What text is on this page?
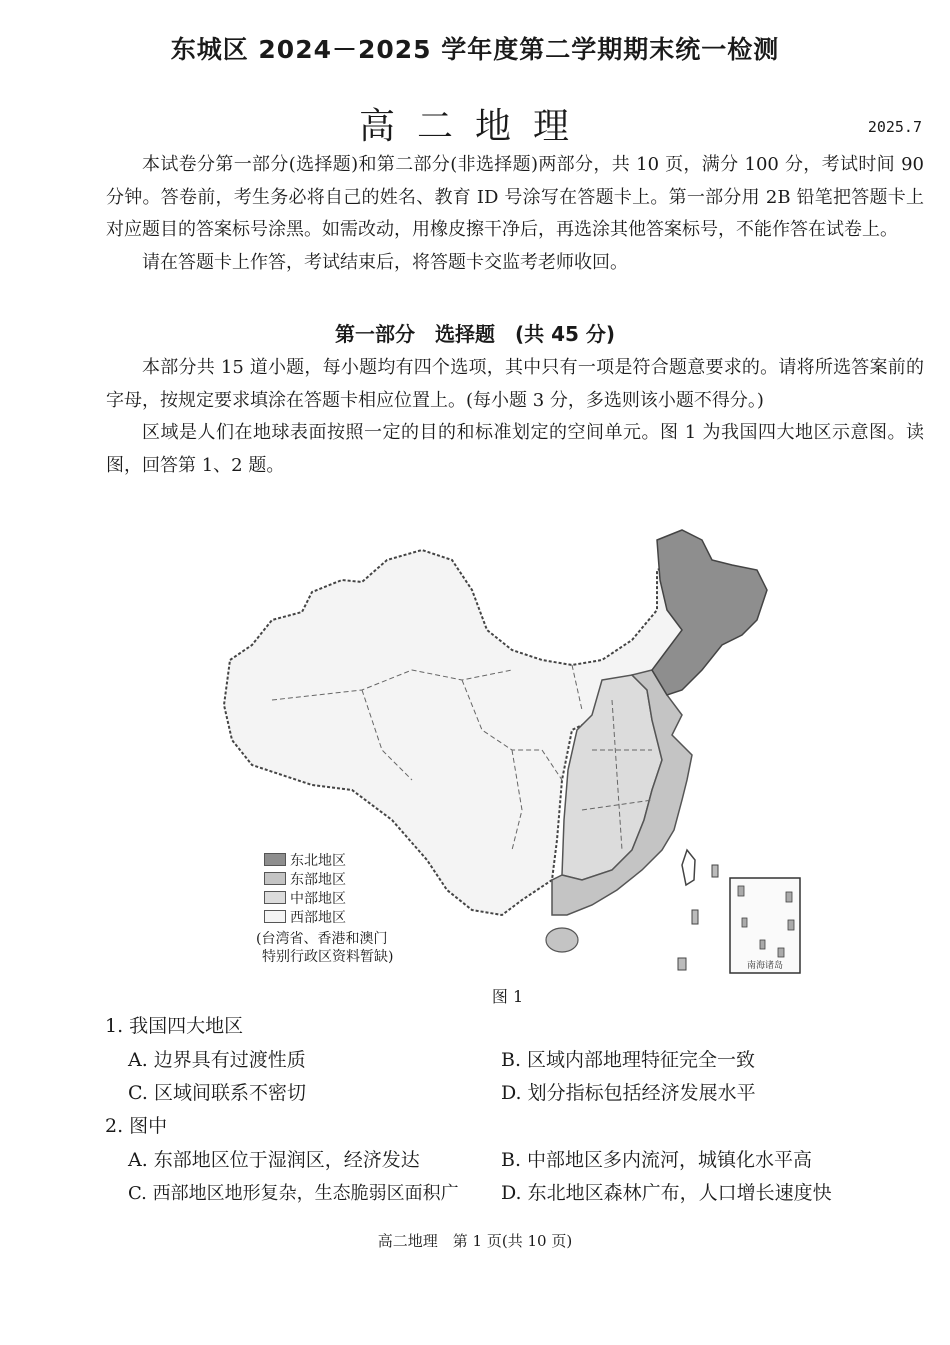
东城区 2024－2025 学年度第二学期期末统一检测
高二地理	2025.7

本试卷分第一部分(选择题)和第二部分(非选择题)两部分，共 10 页，满分 100 分，考试时间 90 分钟。答卷前，考生务必将自己的姓名、教育 ID 号涂写在答题卡上。第一部分用 2B 铅笔把答题卡上对应题目的答案标号涂黑。如需改动，用橡皮擦干净后，再选涂其他答案标号，不能作答在试卷上。

请在答题卡上作答，考试结束后，将答题卡交监考老师收回。

第一部分　选择题　(共 45 分)

本部分共 15 道小题，每小题均有四个选项，其中只有一项是符合题意要求的。请将所选答案前的字母，按规定要求填涂在答题卡相应位置上。(每小题 3 分，多选则该小题不得分。)

区域是人们在地球表面按照一定的目的和标准划定的空间单元。图 1 为我国四大地区示意图。读图，回答第 1、2 题。

南海诸岛
东北地区
东部地区
中部地区
西部地区
(台湾省、香港和澳门
特别行政区资料暂缺)
图 1
1. 我国四大地区
A. 边界具有过渡性质	B. 区域内部地理特征完全一致
C. 区域间联系不密切	D. 划分指标包括经济发展水平
2. 图中
A. 东部地区位于湿润区，经济发达	B. 中部地区多内流河，城镇化水平高
C. 西部地区地形复杂，生态脆弱区面积广 D. 东北地区森林广布，人口增长速度快
高二地理　第 1 页(共 10 页)
